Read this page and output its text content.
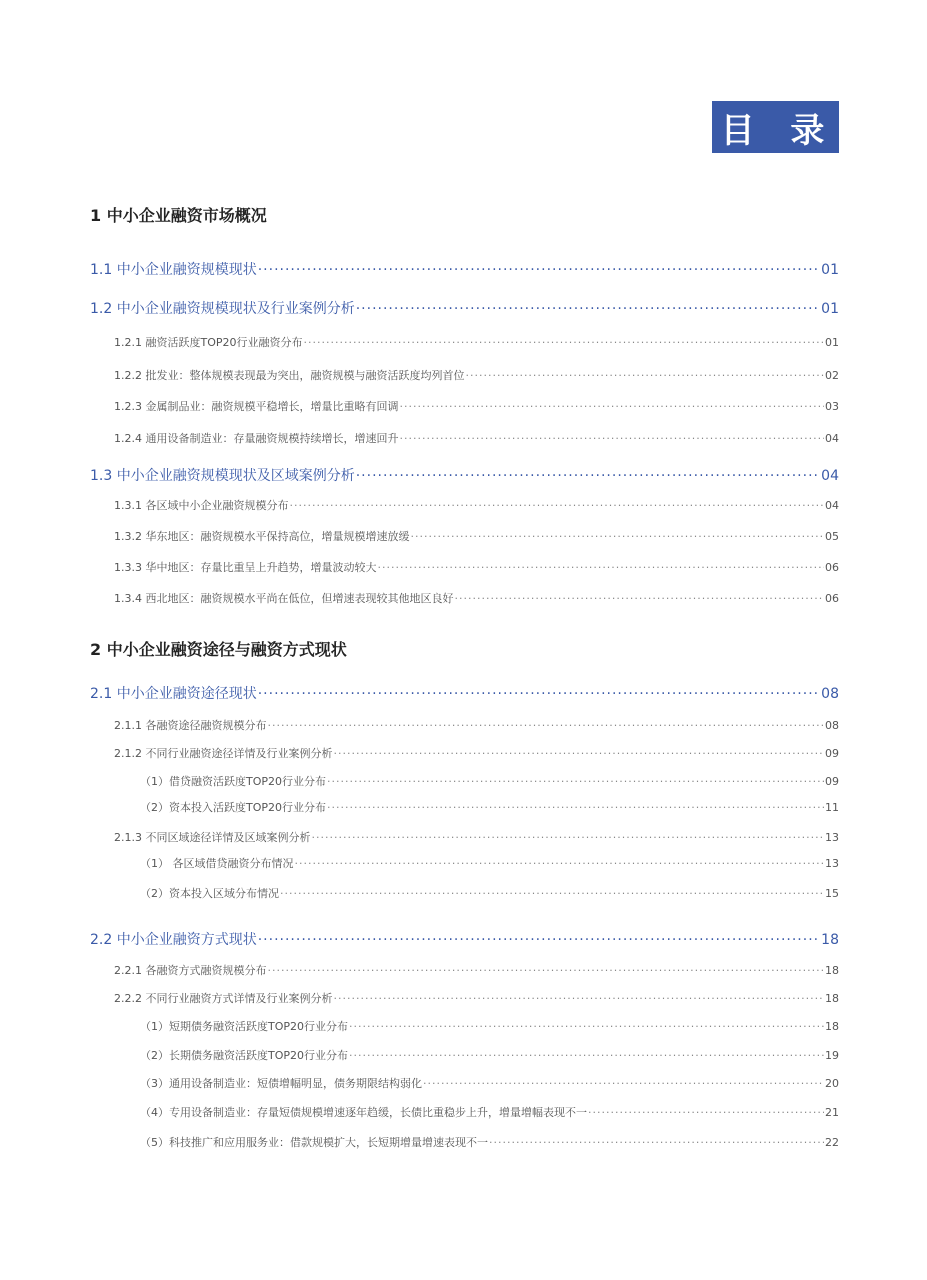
目 录
1 中小企业融资市场概况
1.1 中小企业融资规模现状 ·····	01
1.2 中小企业融资规模现状及行业案例分析 ·····	01
1.2.1 融资活跃度TOP20行业融资分布 ·····	01
1.2.2 批发业：整体规模表现最为突出，融资规模与融资活跃度均列首位 ·····	02
1.2.3 金属制品业：融资规模平稳增长，增量比重略有回调 ·····	03
1.2.4 通用设备制造业：存量融资规模持续增长，增速回升 ·····	04
1.3 中小企业融资规模现状及区域案例分析 ·····	04
1.3.1 各区域中小企业融资规模分布 ·····	04
1.3.2 华东地区：融资规模水平保持高位，增量规模增速放缓 ·····	05
1.3.3 华中地区：存量比重呈上升趋势，增量波动较大 ·····	06
1.3.4 西北地区：融资规模水平尚在低位，但增速表现较其他地区良好 ·····	06
2 中小企业融资途径与融资方式现状
2.1 中小企业融资途径现状 ·····	08
2.1.1 各融资途径融资规模分布 ·····	08
2.1.2 不同行业融资途径详情及行业案例分析 ·····	09
（1）借贷融资活跃度TOP20行业分布 ·····	09
（2）资本投入活跃度TOP20行业分布 ·····	11
2.1.3 不同区域途径详情及区域案例分析 ·····	13
（1） 各区域借贷融资分布情况 ·····	13
（2）资本投入区域分布情况 ·····	15
2.2 中小企业融资方式现状 ·····	18
2.2.1 各融资方式融资规模分布 ·····	18
2.2.2 不同行业融资方式详情及行业案例分析 ·····	18
（1）短期债务融资活跃度TOP20行业分布 ·····	18
（2）长期债务融资活跃度TOP20行业分布 ·····	19
（3）通用设备制造业：短债增幅明显，债务期限结构弱化 ·····	20
（4）专用设备制造业：存量短债规模增速逐年趋缓，长债比重稳步上升，增量增幅表现不一 ·····	21
（5）科技推广和应用服务业：借款规模扩大，长短期增量增速表现不一 ·····	22
